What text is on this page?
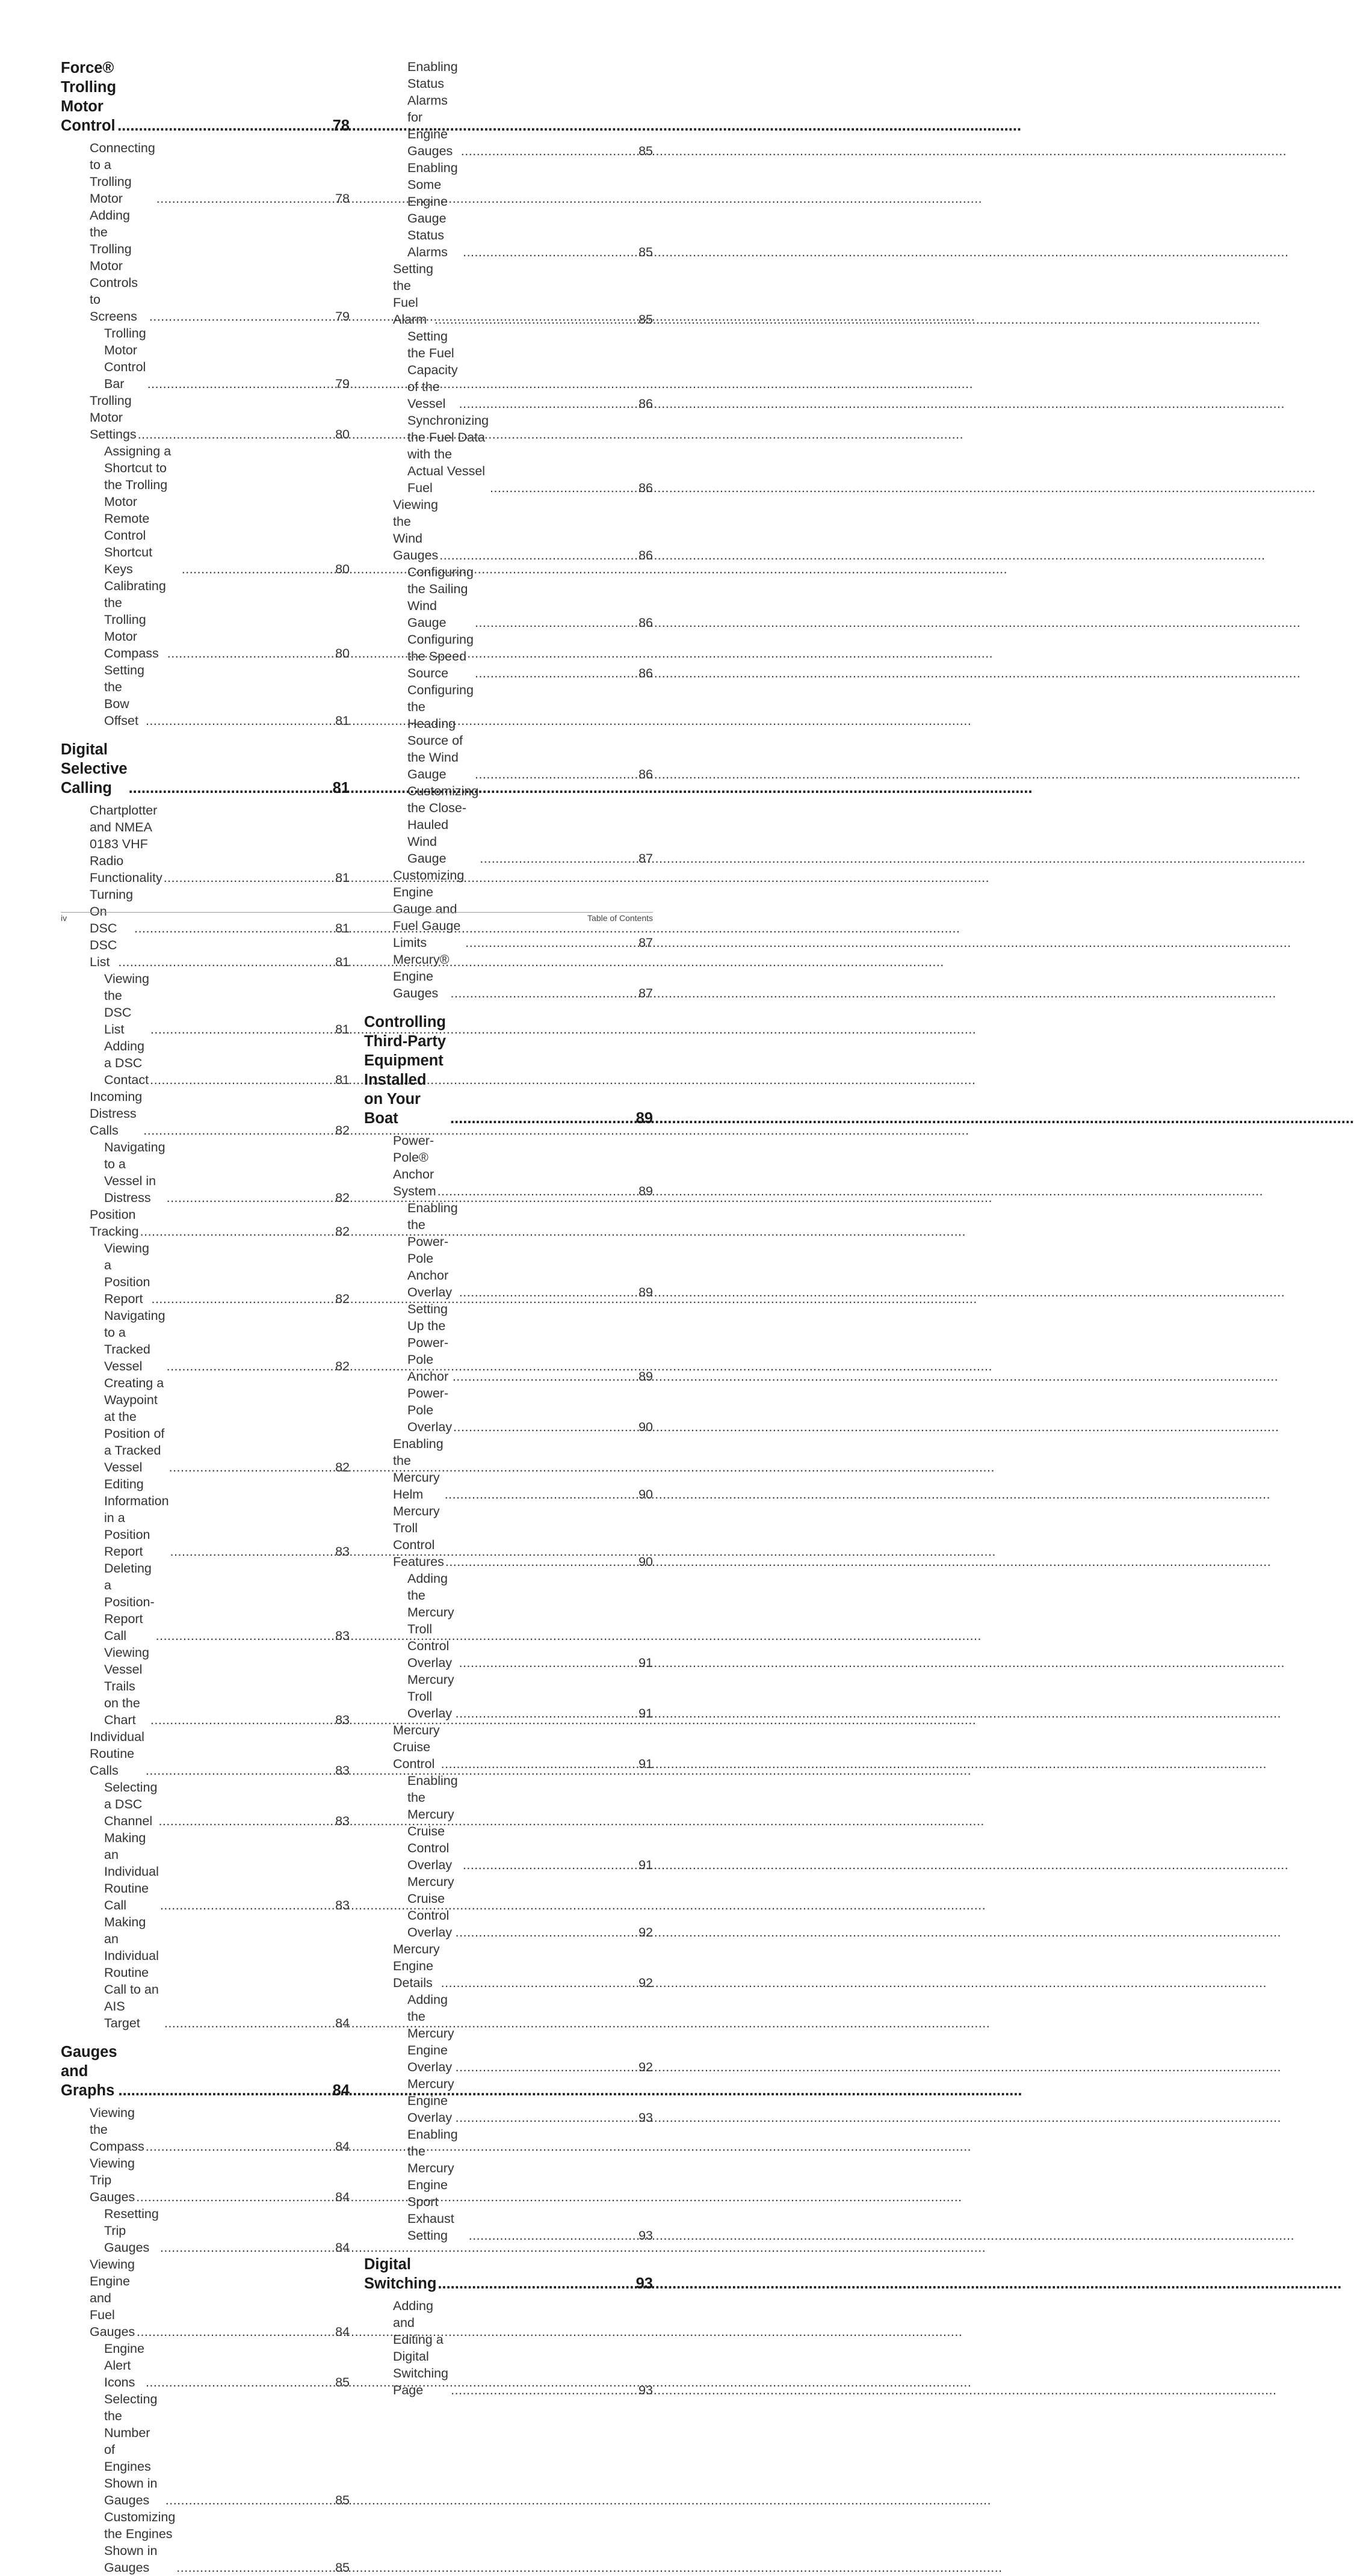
Force® Trolling Motor Control .....	78
Connecting to a Trolling Motor .....	78
Adding the Trolling Motor Controls to Screens .....	79
Trolling Motor Control Bar .....	79
Trolling Motor Settings .....	80
Assigning a Shortcut to the Trolling Motor Remote Control Shortcut Keys .....	80
Calibrating the Trolling Motor Compass .....	80
Setting the Bow Offset .....	81
Digital Selective Calling .....	81
Chartplotter and NMEA 0183 VHF Radio Functionality .....	81
Turning On DSC .....	81
DSC List .....	81
Viewing the DSC List .....	81
Adding a DSC Contact .....	81
Incoming Distress Calls .....	82
Navigating to a Vessel in Distress .....	82
Position Tracking .....	82
Viewing a Position Report .....	82
Navigating to a Tracked Vessel .....	82
Creating a Waypoint at the Position of a Tracked Vessel .....	82
Editing Information in a Position Report .....	83
Deleting a Position-Report Call .....	83
Viewing Vessel Trails on the Chart .....	83
Individual Routine Calls .....	83
Selecting a DSC Channel .....	83
Making an Individual Routine Call .....	83
Making an Individual Routine Call to an AIS Target .....	84
Gauges and Graphs .....	84
Viewing the Compass .....	84
Viewing Trip Gauges .....	84
Resetting Trip Gauges .....	84
Viewing Engine and Fuel Gauges .....	84
Engine Alert Icons .....	85
Selecting the Number of Engines Shown in Gauges .....	85
Customizing the Engines Shown in Gauges .....	85
Enabling Status Alarms for Engine Gauges .....	85
Enabling Some Engine Gauge Status Alarms .....	85
Setting the Fuel Alarm .....	85
Setting the Fuel Capacity of the Vessel .....	86
Synchronizing the Fuel Data with the Actual Vessel Fuel .....	86
Viewing the Wind Gauges .....	86
Configuring the Sailing Wind Gauge .....	86
Configuring the Speed Source .....	86
Configuring the Heading Source of the Wind Gauge .....	86
Customizing the Close-Hauled Wind Gauge .....	87
Customizing Engine Gauge and Fuel Gauge Limits .....	87
Mercury® Engine Gauges .....	87
Controlling Third-Party Equipment Installed on Your Boat .....	89
Power-Pole® Anchor System .....	89
Enabling the Power-Pole Anchor Overlay .....	89
Setting Up the Power-Pole Anchor .....	89
Power-Pole Overlay .....	90
Enabling the Mercury Helm .....	90
Mercury Troll Control Features .....	90
Adding the Mercury Troll Control Overlay .....	91
Mercury Troll Overlay .....	91
Mercury Cruise Control .....	91
Enabling the Mercury Cruise Control Overlay .....	91
Mercury Cruise Control Overlay .....	92
Mercury Engine Details .....	92
Adding the Mercury Engine Overlay .....	92
Mercury Engine Overlay .....	93
Enabling the Mercury Engine Sport Exhaust Setting .....	93
Digital Switching .....	93
Adding and Editing a Digital Switching Page .....	93
iv	Table of Contents
